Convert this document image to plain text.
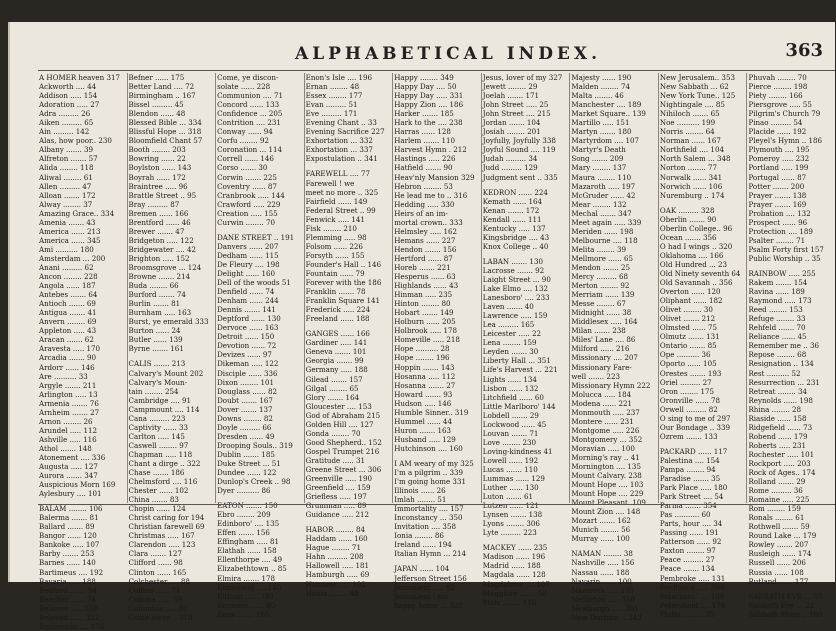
ALPHABETICAL INDEX.	363
A HOMER heaven 317
Ackworth .... 44
Addison ..... 154
Adoration ..... 27
Adra ......... 26
Aiken ......... 65
Ain ......... 142
Alas, how poor.. 230
Albany ....... 39
Alfreton ....... 57
Alida ........ 118
Aliwal ........ 61
Allen ......... 47
Alloan ....... 172
Alway ........ 37
Amazing Grace.. 334
Amenia ....... 43
America ...... 213
America ...... 345
Ami .......... 180
Amsterdam ... 200
Anani ......... 62
Ancon ........ 228
Angola ...... 187
Antebes ....... 64
Antioch ....... 69
Antigua ....... 41
Anvern ........ 69
Appleton ..... 43
Aracan ....... 62
Aravesta ..... 170
Arcadia ....... 90
Ardorr ...... 146
Are .......... 33
Argyle ....... 211
Arlington ..... 13
Armenia ....... 76
Arnheim ....... 27
Arnon ........ 26
Arundel ..... 112
Ashville ..... 116
Athol ....... 148
Atonement .... 336
Augusta ..... 127
Aurora ....... 347
Auspicious Morn 169
Aylesbury .... 101
BALAM ........ 106
Balerma ....... 81
Ballard ....... 89
Bangor ...... 120
Bankoke ..... 107
Barby ....... 253
Barnes ...... 140
Bartimeus .... 192
Bavaria ..... 188
Bedford ....... 94
Beecher ...... 74
Believer ..... 108
Beloved ...... 322
Benevento .... 176
Befner ...... 175
Better Land .... 72
Birmingham .. 167
Bissel ......... 45
Blendon ...... 48
Blessed Bible ... 334
Blissful Hope ... 318
Bloomfield Chant 57
Booth ........ 203
Bowring ...... 22
Boylston ...... 143
Boyrah ...... 172
Braintree ..... 96
Brattle Street .. 95
Bray ......... 87
Bremen ...... 166
Brentford ...... 46
Brewer ....... 47
Bridgeton ..... 122
Bridgewater .... 42
Brighton ..... 152
Broomsgrove ... 124
Browne ....... 214
Buda ........ 66
Burford ....... 74
Burlin ....... 81
Burnham ..... 163
Burst, ye emerald 333
Burton ...... 24
Butler ...... 139
Byrne ....... 161
CALIS ....... 213
Calvary's Mount 202
Calvary's Moun-
tain ........ 254
Cambridge .... 91
Campmount .... 114
Cana ......... 223
Captivity ...... 33
Carlton ..... 145
Caswell ........ 97
Chapman ..... 118
Chant a dirge .. 322
Chase ....... 186
Chelmsford .... 116
Chester ...... 102
China ....... 83
Chopin ...... 124
Christ caring for 194
Christian farewell 69
Christmas ..... 167
Clarendon ..... 123
Clara ....... 127
Clifford ...... 98
Clinton ...... 165
Colchester .... 88
Collins ...... 71
Coloma ...... 59
Columbia ..... 80
Come away .. 318
Come, ye discon-
solate ...... 228
Communion .... 71
Concord ...... 133
Confidence ... 205
Contrition .... 231
Conway ...... 94
Corfu ........ 92
Coronation ... 114
Correll ...... 146
Corso ....... 30
Corwin ....... 225
Coventry ...... 87
Cranbrook ..... 144
Crawford ..... 229
Creation ..... 155
Curwin ........ 70
DANE STREET .. 191
Danvers ...... 207
Dedham ...... 115
De Fleury .... 198
Delight ...... 160
Dell of the woods 51
Denfield ...... 74
Denham ...... 244
Dennis ....... 141
Deptford ...... 130
Dervoce ...... 163
Detroit ...... 150
Devotion ...... 72
Devizes ...... 97
Dikeman ..... 122
Disciple ...... 336
Dixon ........ 101
Douglass ...... 82
Doubt ....... 167
Dover ....... 137
Downs ........ 82
Doyle ......... 66
Dresden ...... 49
Drooping Souls.. 319
Dublin ....... 185
Duke Street ... 51
Dundee ...... 122
Dunlop's Creek .. 98
Dyer .......... 86
EATON ....... 150
Ebro ........ 209
Edinboro' .... 135
Effen ....... 156
Effingham ..... 81
Elathah ...... 158
Ellenthorpe .... 49
Elizabethtown .. 85
Elmira ....... 178
Elmswood .... 140
Eltham ...... 181
Emmaus ...... 80
Enon ....... 165
Enon's Isle .... 196
Ernan ........ 48
Essex ........ 177
Evan ......... 51
Eve ......... 171
Evening Chant .. 33
Evening Sacrifice 227
Exhortation ... 332
Exhortation ... 337
Expostulation .. 341
FAREWELL .... 77
Farewell ! we
meet no more .. 325
Fairfield ...... 149
Federal Street .. 99
Fenwick ..... 141
Fisk ........ 210
Flemming ..... 98
Folsom ...... 226
Forsyth ...... 155
Founder's Hall .. 146
Fountain ...... 79
Forever with the 186
Franklin ....... 78
Franklin Square 141
Frederick ..... 224
Freeland ...... 188
GANGES ...... 166
Gardiner ..... 141
Geneva ....... 101
Georgia ....... 99
Germany ..... 188
Gilead ....... 157
Gilgal ........ 65
Glory ....... 164
Gloucester .... 153
God of Abraham 215
Golden Hill .... 127
Gonda ........ 70
Good Shepherd.. 152
Gospel Trumpet 216
Gratitude ..... 31
Greene Street ... 306
Greenville ..... 190
Greenfield .... 159
Griefless ..... 197
Grumman ..... 89
Guidance ..... 212
HABOR ........ 84
Haddam ...... 160
Hague ........ 71
Hahn ......... 208
Hallowell ..... 181
Hamburgh ..... 69
Hanover ..... 102
Hants ........ 48
Happy ........ 349
Happy Day .... 50
Happy Day ..... 331
Happy Zion .... 186
Harker ....... 185
Hark to the .... 238
Harras ...... 128
Harlem ....... 110
Harvest Hymn . 212
Hastings ..... 226
Hatfield ....... 90
Heav'nly Mansion 329
Hebron ........ 53
He lead me to .. 316
Hedding ..... 330
Heirs of an im-
mortal crown.. 333
Helmsley ..... 162
Hemans ...... 227
Hendon ....... 156
Hertford ...... 87
Horeb ....... 221
Hesperus ...... 63
Highlands ...... 43
Hinman ..... 235
Hinton ........ 80
Hobart ....... 149
Holburn ...... 205
Holbrook ..... 178
Homeville ..... 218
Hope .......... 28
Hope ........ 196
Hoppin ....... 143
Hosanna ..... 112
Hosanna ....... 27
Howard ....... 93
Hudson ..... 146
Humble Sinner.. 319
Hummel ...... 44
Huron ....... 163
Husband ..... 129
Hutchinson .... 160
I AM weary of my 325
I'm a pilgrim .. 339
I'm going home 331
Illinois ...... 26
Imlah ........ 51
Immortality .... 157
Inconstancy ... 350
Invitation .... 358
Ionia ........ 86
Ireland ...... 194
Italian Hymn ... 214
JAPAN ...... 104
Jefferson Street 156
Jerusalem ..... 92
Jerusalem ! my
happy home ... 328
Jesus, lover of my 327
Jewett ........ 29
Joelah ....... 171
John Street ..... 25
John Street .... 215
Jordan ....... 104
Josiah ........ 201
Joyfully, Joyfully 338
Joyful Sound .... 119
Judah ......... 34
Judd ......... 129
Judgment sent .. 335
KEDRON ...... 224
Kemath ...... 164
Kenan ....... 172
Kendall ...... 111
Kentucky ..... 137
Kingsbridge .... 43
Knox College .. 40
LABAN ....... 130
Lacrosse ....... 92
Laight Street ... 90
Lake Elmo .... 132
Lanesboro' .... 233
Laven ....... 40
Lawrence ..... 159
Lea ......... 165
Leicester ..... 22
Lena ........ 159
Leyden ....... 30
Liberty Hall ... 351
Life's Harvest ... 221
Lights ...... 134
Lisbon ...... 132
Litchfield ...... 60
Little Marlboro' 144
Lobdell ....... 29
Lockwood ...... 45
Louvan ....... 71
Love ........ 230
Loving-kindness 41
Lowell ...... 192
Lucas ....... 110
Lummas ...... 129
Luther ...... 130
Luton ....... 61
Lutzen ...... 121
Lynsen ....... 138
Lyons ........ 306
Lyte ......... 223
MACKEY ...... 235
Madison ...... 196
Madrid ...... 188
Magdala ...... 128
Magdalene .... 107
Maggiore ....... 56
Mais ........ 116
Majesty ...... 190
Malden ........ 74
Malta ........ 46
Manchester .... 189
Market Square.. 139
Martillo ..... 151
Martyn ....... 180
Martyrdom .... 107
Martyr's Death
Song ....... 209
Mary ........ 137
Maura ........ 110
Mazaroth ..... 197
McGruder ...... 42
Mear ........ 132
Mechal ....... 347
Meet again ..... 339
Meriden ...... 198
Melbourne .... 118
Melita ........ 39
Mellmore ...... 65
Mendon ....... 25
Mercy ......... 68
Merton ........ 92
Merriam ...... 139
Messe ........ 67
Midnight ...... 38
Middlesex ..... 164
Milan ....... 238
Miles' Lane .... 86
Milford ...... 216
Missionary .... 207
Missionary Fare-
well ....... 223
Missionary Hymn 222
Molucca ..... 184
Modena ...... 221
Monmouth ..... 237
Montere ...... 231
Montgome ..... 226
Montgomery ... 352
Moravian ..... 100
Morning's ray .. 41
Mornington .... 135
Mount Calvary. 238
Mount Hope .... 103
Mount Hope .... 229
Mount Pleasant. 109
Mount Zion .... 148
Mozart ....... 162
Munich ........ 56
Murray ...... 100
NAMAN ........ 38
Nashville ..... 156
Nassau ...... 188
Navarin ...... 100
Nazareth ..... 135
Nettleton ..... 350
Newburgh ..... 361
New Durham .. 343
New Jerusalem.. 353
New Sabbath ... 62
New York Tune.. 125
Nightingale .... 85
Nihiloch ....... 65
Noe .......... 199
Norris ........ 64
Norman ...... 167
Northfield .... 104
North Salem ... 348
Norton ........ 77
Norwalk ...... 341
Norwich ...... 106
Nuremburg .. 174
OAK ......... 328
Oberlin ....... 90
Oberlin College.. 96
Ocean ....... 356
O had I wings .. 320
Oklahoma .... 166
Old Hundred ... 23
Old Ninety seventh 64
Old Savannah .. 356
Overton ...... 120
Oliphant ...... 182
Olivet ........ 30
Olivet ....... 212
Olmsted ...... 75
Olmutz ....... 131
Ontario ....... 85
Ope .......... 36
Oporto ...... 105
Orestes ....... 193
Oriel ......... 27
Oron ........ 175
Oronville ...... 78
Orwell ......... 82
O sing to me of 297
Our Bondage .. 339
Ozrem ....... 133
PACKARD ...... 117
Palestina .... 154
Pampa ........ 94
Paradise ....... 35
Park Place ..... 180
Park Street .... 54
Parma ....... 354
Pas ........... 60
Parts, hour .... 34
Passing ...... 191
Patterson ...... 92
Paxton ........ 97
Peace ......... 27
Peace ....... 134
Pembroke ..... 131
Penitence ..... 304
Peterboro' .... 106
Petersfield .... 176
Philip ......... 35
Phuvah ........ 70
Pierce ........ 198
Piety ........ 166
Piersgrove ..... 55
Pilgrim's Church 79
Pinao ......... 54
Placide ...... 192
Pleyel's Hymn .. 186
Plymouth .... 195
Pomeroy ..... 232
Portland ..... 199
Portugal ...... 87
Potter ....... 200
Prayer ....... 138
Prayer ....... 169
Probation .... 132
Prospect ...... 96
Protection .... 189
Psalter ........ 71
Psalm Forty first 157
Public Worship .. 35
RAINBOW ..... 255
Rakem ....... 154
Ravina ...... 189
Raymond ..... 173
Reed ........ 153
Refuge ........ 33
Rehfeld ....... 70
Reliance ...... 45
Remember me .. 36
Repose ........ 68
Resignation .. 134
Rest .......... 52
Resurrection ... 231
Retreat ........ 34
Reynolds ...... 198
Rhina ........ 28
Riaside ...... 158
Ridgefield ...... 73
Robend ...... 179
Roberts ..... 231
Rochester ..... 101
Rockport ..... 203
Rock of Ages.. 174
Rolland ....... 29
Rome ......... 36
Romaine ..... 225
Rom ........ 159
Ronals ........ 61
Rothwell ....... 59
Round Lake ... 179
Rowley ....... 207
Rusleigh ...... 174
Russell ...... 206
Russia ...... 108
Rutland ...... 177
SABBATH EVE ... 57
Sabbath Eve ... 22
Sabbath Morn .. 180
